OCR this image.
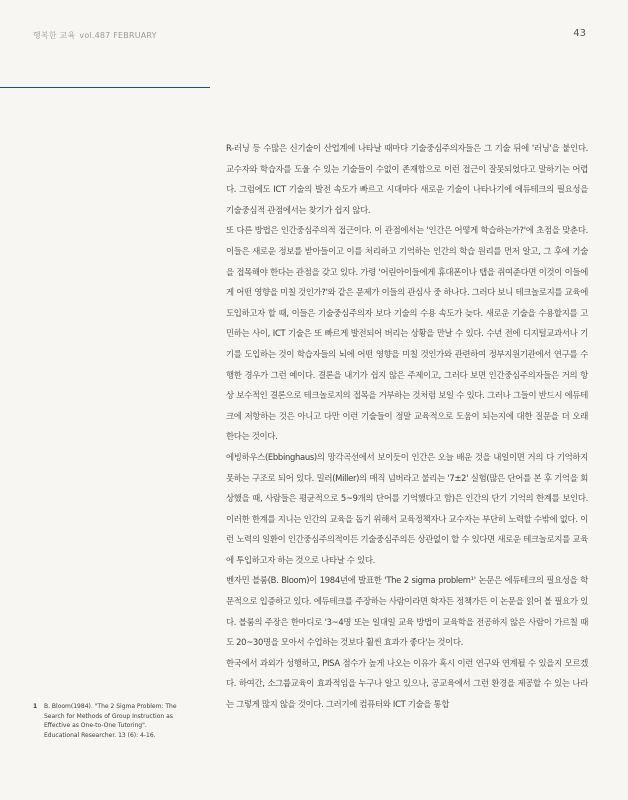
행복한 교육 vol.487 FEBRUARY	43

R-러닝 등 수많은 신기술이 산업계에 나타날 때마다 기술중심주의자들은 그 기술 뒤에 '러닝'을 붙인다. 교수자와 학습자를 도울 수 있는 기술들이 수없이 존재함으로 이런 접근이 잘못되었다고 말하기는 어렵다. 그럼에도 ICT 기술의 발전 속도가 빠르고 시대마다 새로운 기술이 나타나기에 에듀테크의 필요성을 기술중심적 관점에서는 찾기가 쉽지 않다.

또 다른 방법은 인간중심주의적 접근이다. 이 관점에서는 '인간은 어떻게 학습하는가?'에 초점을 맞춘다. 이들은 새로운 정보를 받아들이고 이를 처리하고 기억하는 인간의 학습 원리를 먼저 알고, 그 후에 기술을 접목해야 한다는 관점을 갖고 있다. 가령 '어린아이들에게 휴대폰이나 탭을 쥐여준다면 이것이 이들에게 어떤 영향을 미칠 것인가?'와 같은 문제가 이들의 관심사 중 하나다. 그러다 보니 테크놀로지를 교육에 도입하고자 할 때, 이들은 기술중심주의자 보다 기술의 수용 속도가 늦다. 새로운 기술을 수용할지를 고민하는 사이, ICT 기술은 또 빠르게 발전되어 버리는 상황을 만날 수 있다. 수년 전에 디지털교과서나 기기를 도입하는 것이 학습자들의 뇌에 어떤 영향을 미칠 것인가와 관련하여 정부지원기관에서 연구를 수행한 경우가 그런 예이다. 결론을 내기가 쉽지 않은 주제이고, 그러다 보면 인간중심주의자들은 거의 항상 보수적인 결론으로 테크놀로지의 접목을 거부하는 것처럼 보일 수 있다. 그러나 그들이 반드시 에듀테크에 저항하는 것은 아니고 다만 이런 기술들이 정말 교육적으로 도움이 되는지에 대한 질문을 더 오래 한다는 것이다.

에빙하우스(Ebbinghaus)의 망각곡선에서 보이듯이 인간은 오늘 배운 것을 내일이면 거의 다 기억하지 못하는 구조로 되어 있다. 밀러(Miller)의 매직 넘버라고 불리는 '7±2' 실험(많은 단어를 본 후 기억을 회상했을 때, 사람들은 평균적으로 5~9개의 단어를 기억했다고 함)은 인간의 단기 기억의 한계를 보인다. 이러한 한계를 지니는 인간의 교육을 돕기 위해서 교육정책자나 교수자는 부단히 노력할 수밖에 없다. 이런 노력의 일환이 인간중심주의적이든 기술중심주의든 상관없이 할 수 있다면 새로운 테크놀로지를 교육에 투입하고자 하는 것으로 나타날 수 있다.

벤자민 블룸(B. Bloom)이 1984년에 발표한 'The 2 sigma problem¹' 논문은 에듀테크의 필요성을 학문적으로 입증하고 있다. 에듀테크를 주장하는 사람이라면 학자든 정책가든 이 논문을 읽어 볼 필요가 있다. 블룸의 주장은 한마디로 '3~4명 또는 일대일 교육 방법이 교육학을 전공하지 않은 사람이 가르칠 때도 20~30명을 모아서 수업하는 것보다 훨씬 효과가 좋다'는 것이다.

한국에서 과외가 성행하고, PISA 점수가 높게 나오는 이유가 혹시 이런 연구와 연계될 수 있을지 모르겠다. 하여간, 소그룹교육이 효과적임을 누구나 알고 있으나, 공교육에서 그런 환경을 제공할 수 있는 나라는 그렇게 많지 않을 것이다. 그러기에 컴퓨터와 ICT 기술을 통합

1	B. Bloom(1984). "The 2 Sigma Problem: The Search for Methods of Group Instruction as Effective as One-to-One Tutoring". Educational Researcher. 13 (6): 4-16.
